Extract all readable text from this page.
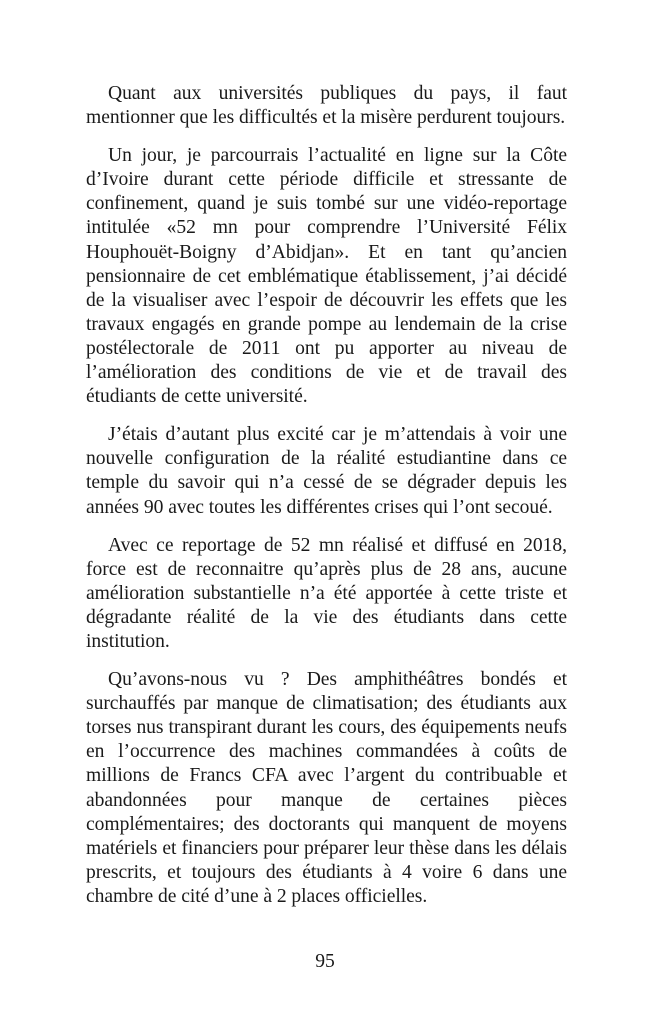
Quant aux universités publiques du pays, il faut mentionner que les difficultés et la misère perdurent toujours.

Un jour, je parcourrais l’actualité en ligne sur la Côte d’Ivoire durant cette période difficile et stressante de confinement, quand je suis tombé sur une vidéo-reportage intitulée «52 mn pour comprendre l’Université Félix Houphouët-Boigny d’Abidjan». Et en tant qu’ancien pensionnaire de cet emblématique établissement, j’ai décidé de la visualiser avec l’espoir de découvrir les effets que les travaux engagés en grande pompe au lendemain de la crise postélectorale de 2011 ont pu apporter au niveau de l’amélioration des conditions de vie et de travail des étudiants de cette université.

J’étais d’autant plus excité car je m’attendais à voir une nouvelle configuration de la réalité estudiantine dans ce temple du savoir qui n’a cessé de se dégrader depuis les années 90 avec toutes les différentes crises qui l’ont secoué.

Avec ce reportage de 52 mn réalisé et diffusé en 2018, force est de reconnaitre qu’après plus de 28 ans, aucune amélioration substantielle n’a été apportée à cette triste et dégradante réalité de la vie des étudiants dans cette institution.

Qu’avons-nous vu ? Des amphithéâtres bondés et surchauffés par manque de climatisation; des étudiants aux torses nus transpirant durant les cours, des équipements neufs en l’occurrence des machines commandées à coûts de millions de Francs CFA avec l’argent du contribuable et abandonnées pour manque de certaines pièces complémentaires; des doctorants qui manquent de moyens matériels et financiers pour préparer leur thèse dans les délais prescrits, et toujours des étudiants à 4 voire 6 dans une chambre de cité d’une à 2 places officielles.

95
